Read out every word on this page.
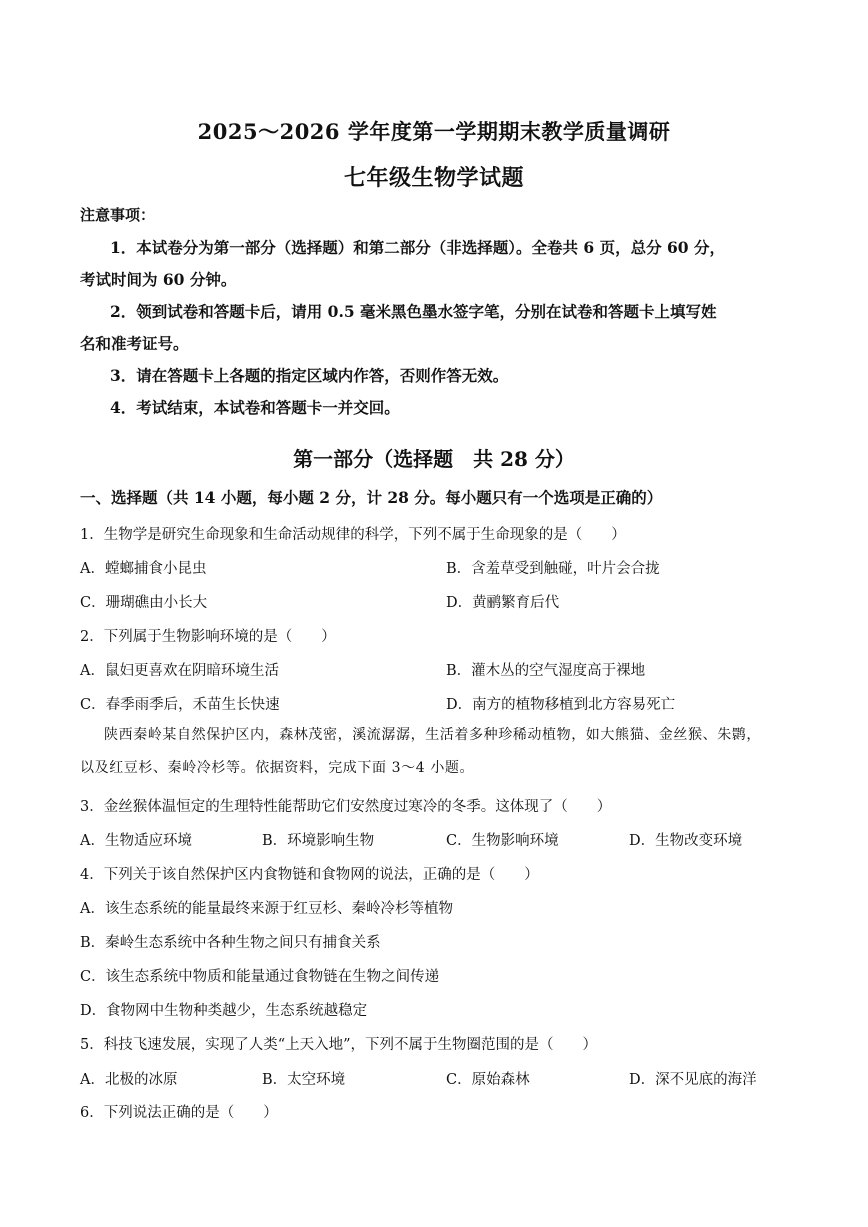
2025～2026 学年度第一学期期末教学质量调研
七年级生物学试题
注意事项：
1．本试卷分为第一部分（选择题）和第二部分（非选择题）。全卷共 6 页，总分 60 分，
考试时间为 60 分钟。
2．领到试卷和答题卡后，请用 0.5 毫米黑色墨水签字笔，分别在试卷和答题卡上填写姓
名和准考证号。
3．请在答题卡上各题的指定区域内作答，否则作答无效。
4．考试结束，本试卷和答题卡一并交回。
第一部分（选择题　共 28 分）
一、选择题（共 14 小题，每小题 2 分，计 28 分。每小题只有一个选项是正确的）
1．生物学是研究生命现象和生命活动规律的科学，下列不属于生命现象的是（　　）
A．螳螂捕食小昆虫	B．含羞草受到触碰，叶片会合拢
C．珊瑚礁由小长大	D．黄鹂繁育后代
2．下列属于生物影响环境的是（　　）
A．鼠妇更喜欢在阴暗环境生活	B．灌木丛的空气湿度高于裸地
C．春季雨季后，禾苗生长快速	D．南方的植物移植到北方容易死亡
陕西秦岭某自然保护区内，森林茂密，溪流潺潺，生活着多种珍稀动植物，如大熊猫、金丝猴、朱鹮，
以及红豆杉、秦岭冷杉等。依据资料，完成下面 3～4 小题。
3．金丝猴体温恒定的生理特性能帮助它们安然度过寒冷的冬季。这体现了（　　）
A．生物适应环境	B．环境影响生物	C．生物影响环境	D．生物改变环境
4．下列关于该自然保护区内食物链和食物网的说法，正确的是（　　）
A．该生态系统的能量最终来源于红豆杉、秦岭冷杉等植物
B．秦岭生态系统中各种生物之间只有捕食关系
C．该生态系统中物质和能量通过食物链在生物之间传递
D．食物网中生物种类越少，生态系统越稳定
5．科技飞速发展，实现了人类“上天入地”，下列不属于生物圈范围的是（　　）
A．北极的冰原	B．太空环境	C．原始森林	D．深不见底的海洋
6．下列说法正确的是（　　）
